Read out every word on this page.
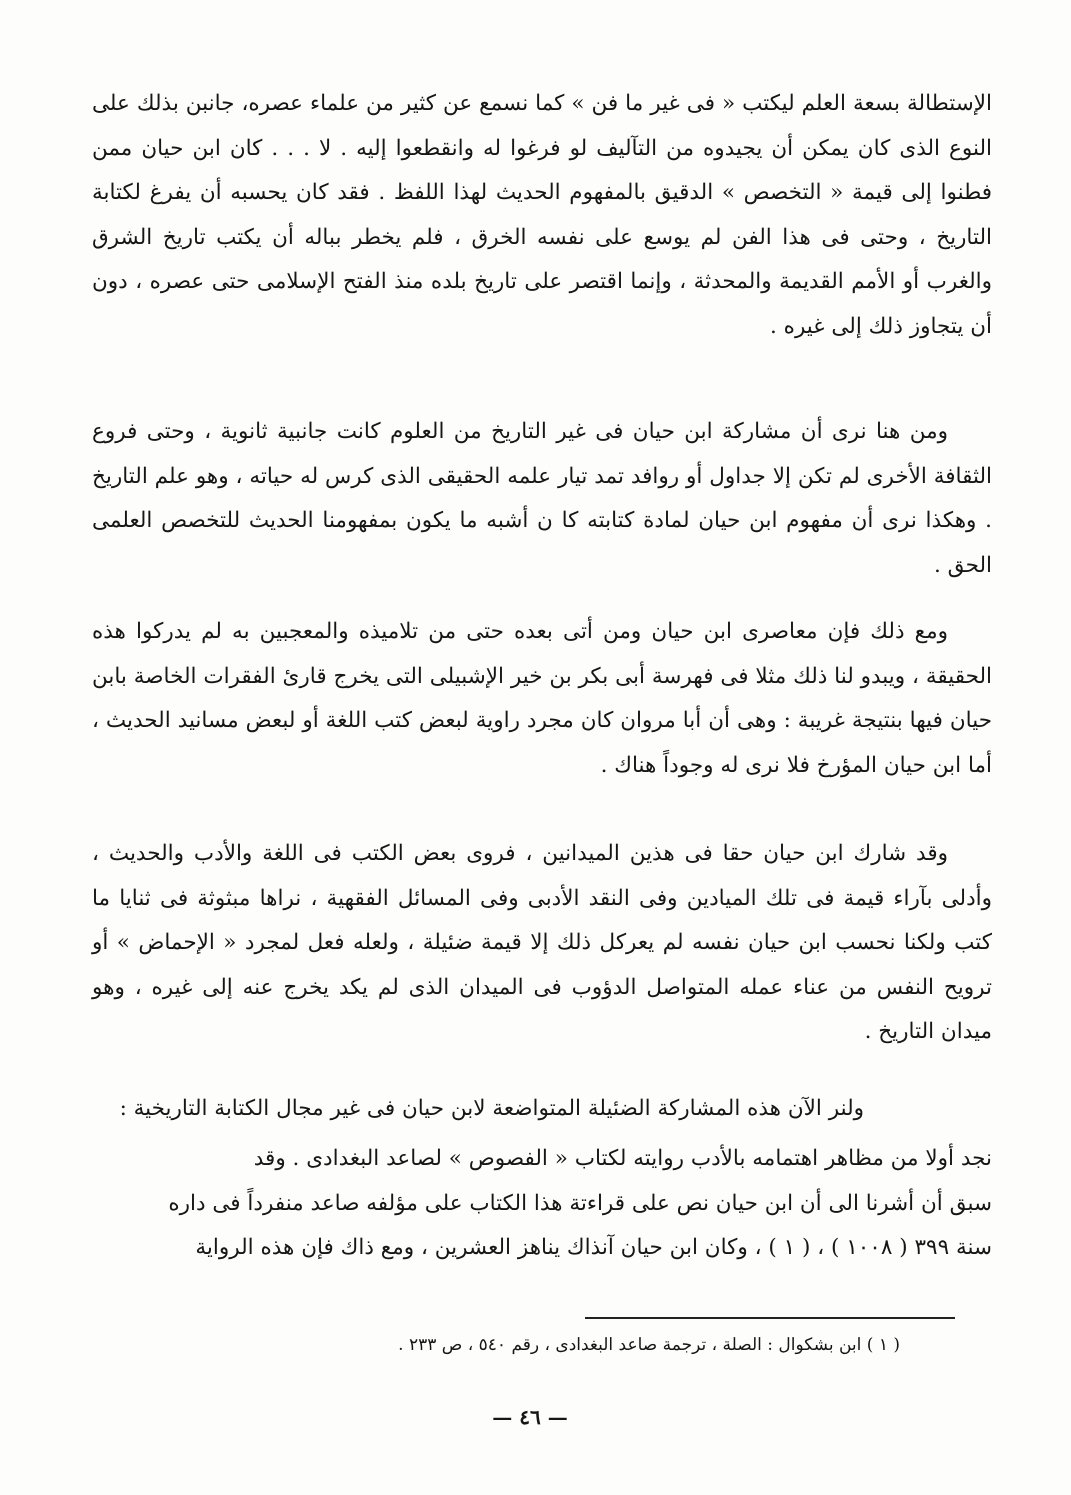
الإستطالة بسعة العلم ليكتب « فى غير ما فن » كما نسمع عن كثير من علماء عصره، جانبن بذلك على النوع الذى كان يمكن أن يجيدوه من التآليف لو فرغوا له وانقطعوا إليه . لا . . . كان ابن حيان ممن فطنوا إلى قيمة « التخصص » الدقيق بالمفهوم الحديث لهذا اللفظ . فقد كان يحسبه أن يفرغ لكتابة التاريخ ، وحتى فى هذا الفن لم يوسع على نفسه الخرق ، فلم يخطر بباله أن يكتب تاريخ الشرق والغرب أو الأمم القديمة والمحدثة ، وإنما اقتصر على تاريخ بلده منذ الفتح الإسلامى حتى عصره ، دون أن يتجاوز ذلك إلى غيره .

ومن هنا نرى أن مشاركة ابن حيان فى غير التاريخ من العلوم كانت جانبية ثانوية ، وحتى فروع الثقافة الأخرى لم تكن إلا جداول أو روافد تمد تيار علمه الحقيقى الذى كرس له حياته ، وهو علم التاريخ . وهكذا نرى أن مفهوم ابن حيان لمادة كتابته كا ن أشبه ما يكون بمفهومنا الحديث للتخصص العلمى الحق .

ومع ذلك فإن معاصرى ابن حيان ومن أتى بعده حتى من تلاميذه والمعجبين به لم يدركوا هذه الحقيقة ، ويبدو لنا ذلك مثلا فى فهرسة أبى بكر بن خير الإشبيلى التى يخرج قارئ الفقرات الخاصة بابن حيان فيها بنتيجة غريبة : وهى أن أبا مروان كان مجرد راوية لبعض كتب اللغة أو لبعض مسانيد الحديث ، أما ابن حيان المؤرخ فلا نرى له وجوداً هناك .

وقد شارك ابن حيان حقا فى هذين الميدانين ، فروى بعض الكتب فى اللغة والأدب والحديث ، وأدلى بآراء قيمة فى تلك الميادين وفى النقد الأدبى وفى المسائل الفقهية ، نراها مبثوثة فى ثنايا ما كتب ولكنا نحسب ابن حيان نفسه لم يعركل ذلك إلا قيمة ضئيلة ، ولعله فعل لمجرد « الإحماض » أو ترويح النفس من عناء عمله المتواصل الدؤوب فى الميدان الذى لم يكد يخرج عنه إلى غيره ، وهو ميدان التاريخ .

ولنر الآن هذه المشاركة الضئيلة المتواضعة لابن حيان فى غير مجال الكتابة التاريخية :

نجد أولا من مظاهر اهتمامه بالأدب روايته لكتاب « الفصوص » لصاعد البغدادى . وقد
سبق أن أشرنا الى أن ابن حيان نص على قراءتة هذا الكتاب على مؤلفه صاعد منفرداً فى داره
سنة ٣٩٩ ( ١٠٠٨ ) ، ( ١ ) ، وكان ابن حيان آنذاك يناهز العشرين ، ومع ذاك فإن هذه الرواية

( ١ ) ابن بشكوال : الصلة ، ترجمة صاعد البغدادى ، رقم ٥٤٠ ، ص ٢٣٣ .

— ٤٦ —
